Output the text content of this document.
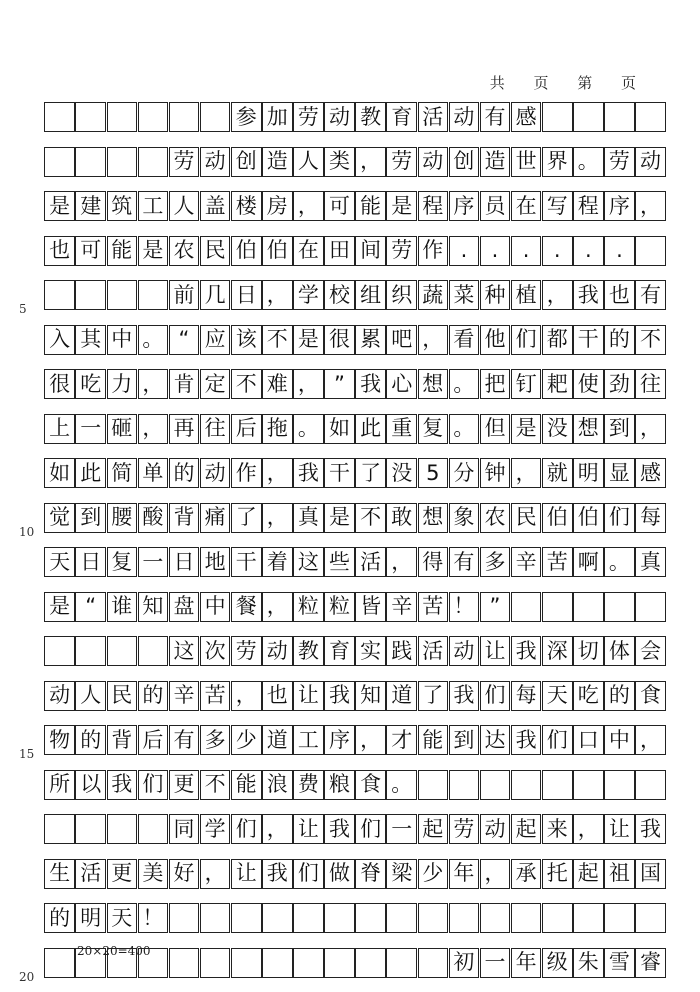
共 页 第 页
参 加 劳 动 教 育 活 动 有 感
劳 动 创 造 人 类 ， 劳 动 创 造 世 界 。 劳 动
是 建 筑 工 人 盖 楼 房 ， 可 能 是 程 序 员 在 写 程 序 ，
也 可 能 是 农 民 伯 伯 在 田 间 劳 作 .	.	.	.	.	.
前 几 日 ， 学 校 组 织 蔬 菜 种 植 ， 我 也 有
5
入 其 中 。 “ 应 该 不 是 很 累 吧 ， 看 他 们 都 干 的 不
很 吃 力 ， 肯 定 不 难 ， ” 我 心 想 。 把 钉 耙 使 劲 往
上 一 砸 ， 再 往 后 拖 。 如 此 重 复 。 但 是 没 想 到 ，
如 此 简 单 的 动 作 ， 我 干 了 没 5 分 钟 ， 就 明 显 感
觉 到 腰 酸 背 痛 了 ， 真 是 不 敢 想 象 农 民 伯 伯 们 每
10
天 日 复 一 日 地 干 着 这 些 活 ， 得 有 多 辛 苦 啊 。 真
是 “ 谁 知 盘 中 餐 ， 粒 粒 皆 辛 苦 ！ ”
这 次 劳 动 教 育 实 践 活 动 让 我 深 切 体 会
动 人 民 的 辛 苦 ， 也 让 我 知 道 了 我 们 每 天 吃 的 食
物 的 背 后 有 多 少 道 工 序 ， 才 能 到 达 我 们 口 中 ，
15
所 以 我 们 更 不 能 浪 费 粮 食 。
同 学 们 ， 让 我 们 一 起 劳 动 起 来 ， 让 我
生 活 更 美 好 ， 让 我 们 做 脊 梁 少 年 ， 承 托 起 祖 国
的 明 天 ！
初 一 年 级 朱 雪 睿
20
20×20=400
